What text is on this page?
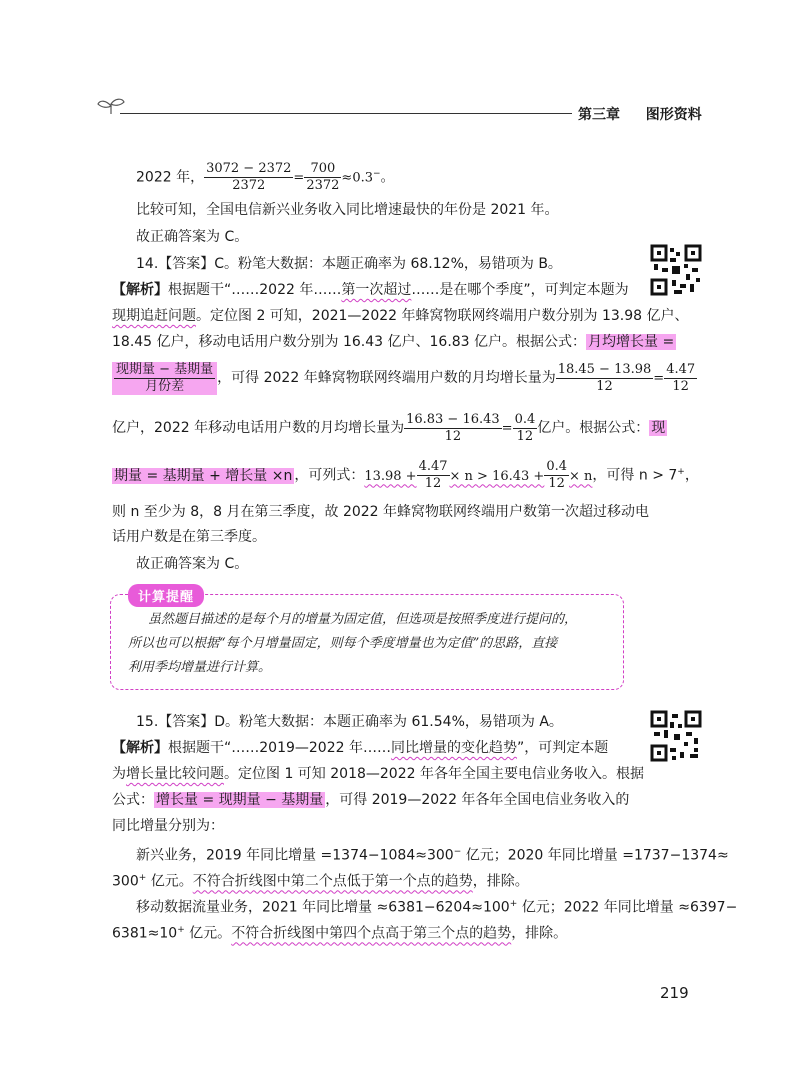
第三章 图形资料
2022 年， $\frac{3072 - 2372}{2372} = \frac{700}{2372} \approx 0.3^-$。
比较可知，全国电信新兴业务收入同比增速最快的年份是 2021 年。
故正确答案为 C。
14.【答案】C。粉笔大数据：本题正确率为 68.12%，易错项为 B。
【解析】根据题干“……2022 年……第一次超过……是在哪个季度”，可判定本题为
现期追赶问题。定位图 2 可知，2021—2022 年蜂窝物联网终端用户数分别为 13.98 亿户、
18.45 亿户，移动电话用户数分别为 16.43 亿户、16.83 亿户。根据公式： 月均增长量 =
$\frac{\text{现期量 − 基期量}}{\text{月份差}}$ ，可得 2022 年蜂窝物联网终端用户数的月均增长量为 $\frac{18.45 - 13.98}{12} = \frac{4.47}{12}$
亿户，2022 年移动电话用户数的月均增长量为 $\frac{16.83 - 16.43}{12} = \frac{0.4}{12}$ 亿户。根据公式： 现
期量 = 基期量 + 增长量 ×n ，可列式：$13.98 + \frac{4.47}{12} \times n > 16.43 + \frac{0.4}{12} \times n$，可得 n > 7+，
则 n 至少为 8，8 月在第三季度，故 2022 年蜂窝物联网终端用户数第一次超过移动电
话用户数是在第三季度。
故正确答案为 C。
计算提醒
虽然题目描述的是每个月的增量为固定值，但选项是按照季度进行提问的，
所以也可以根据“每个月增量固定，则每个季度增量也为定值”的思路，直接
利用季均增量进行计算。
15.【答案】D。粉笔大数据：本题正确率为 61.54%，易错项为 A。
【解析】根据题干“……2019—2022 年……同比增量的变化趋势”，可判定本题
为增长量比较问题。定位图 1 可知 2018—2022 年各年全国主要电信业务收入。根据
公式： 增长量 = 现期量 − 基期量 ，可得 2019—2022 年各年全国电信业务收入的
同比增量分别为：
新兴业务，2019 年同比增量 =1374−1084≈300− 亿元；2020 年同比增量 =1737−1374≈
300+ 亿元。不符合折线图中第二个点低于第一个点的趋势，排除。
移动数据流量业务，2021 年同比增量 ≈6381−6204≈100+ 亿元；2022 年同比增量 ≈6397−
6381≈10+ 亿元。不符合折线图中第四个点高于第三个点的趋势，排除。
219
